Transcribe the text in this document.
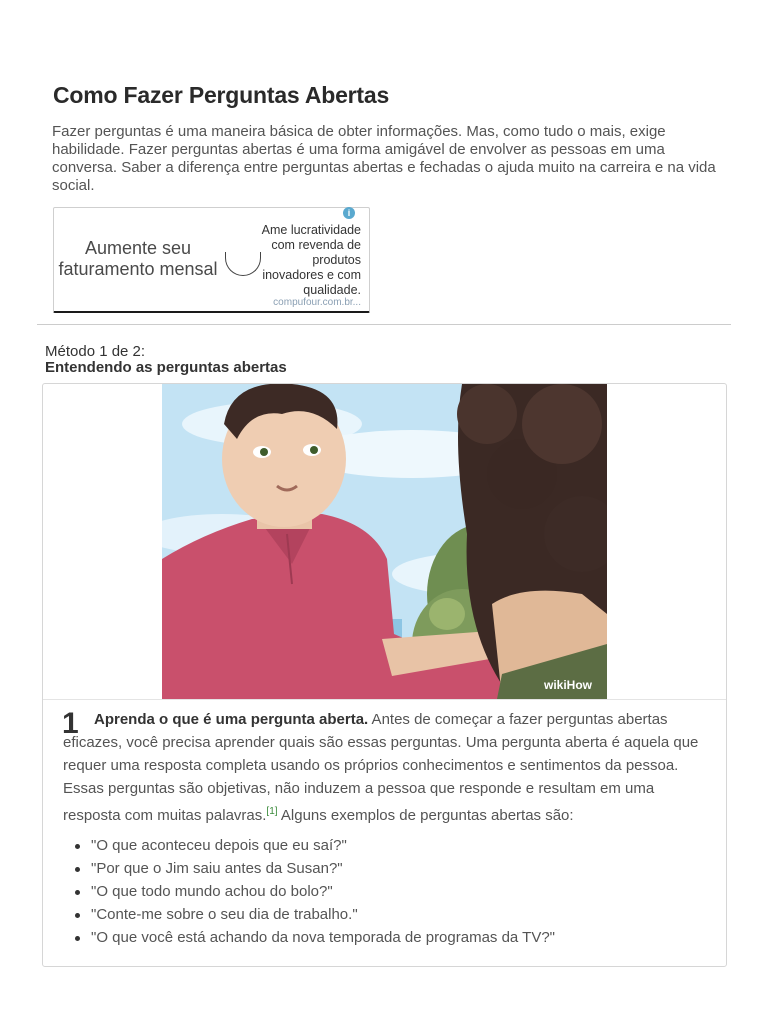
Como Fazer Perguntas Abertas

Fazer perguntas é uma maneira básica de obter informações. Mas, como tudo o mais, exige habilidade. Fazer perguntas abertas é uma forma amigável de envolver as pessoas em uma conversa. Saber a diferença entre perguntas abertas e fechadas o ajuda muito na carreira e na vida social.

i
Aumente seu faturamento mensal
Ame lucratividade com revenda de produtos inovadores e com qualidade.
compufour.com.br...
Método 1 de 2:
Entendendo as perguntas abertas
wikiHow
1	Aprenda o que é uma pergunta aberta. Antes de começar a fazer perguntas abertas eficazes, você precisa aprender quais são essas perguntas. Uma pergunta aberta é aquela que requer uma resposta completa usando os próprios conhecimentos e sentimentos da pessoa. Essas perguntas são objetivas, não induzem a pessoa que responde e resultam em uma resposta com muitas palavras.[1] Alguns exemplos de perguntas abertas são:

"O que aconteceu depois que eu saí?"
"Por que o Jim saiu antes da Susan?"
"O que todo mundo achou do bolo?"
"Conte-me sobre o seu dia de trabalho."
"O que você está achando da nova temporada de programas da TV?"
